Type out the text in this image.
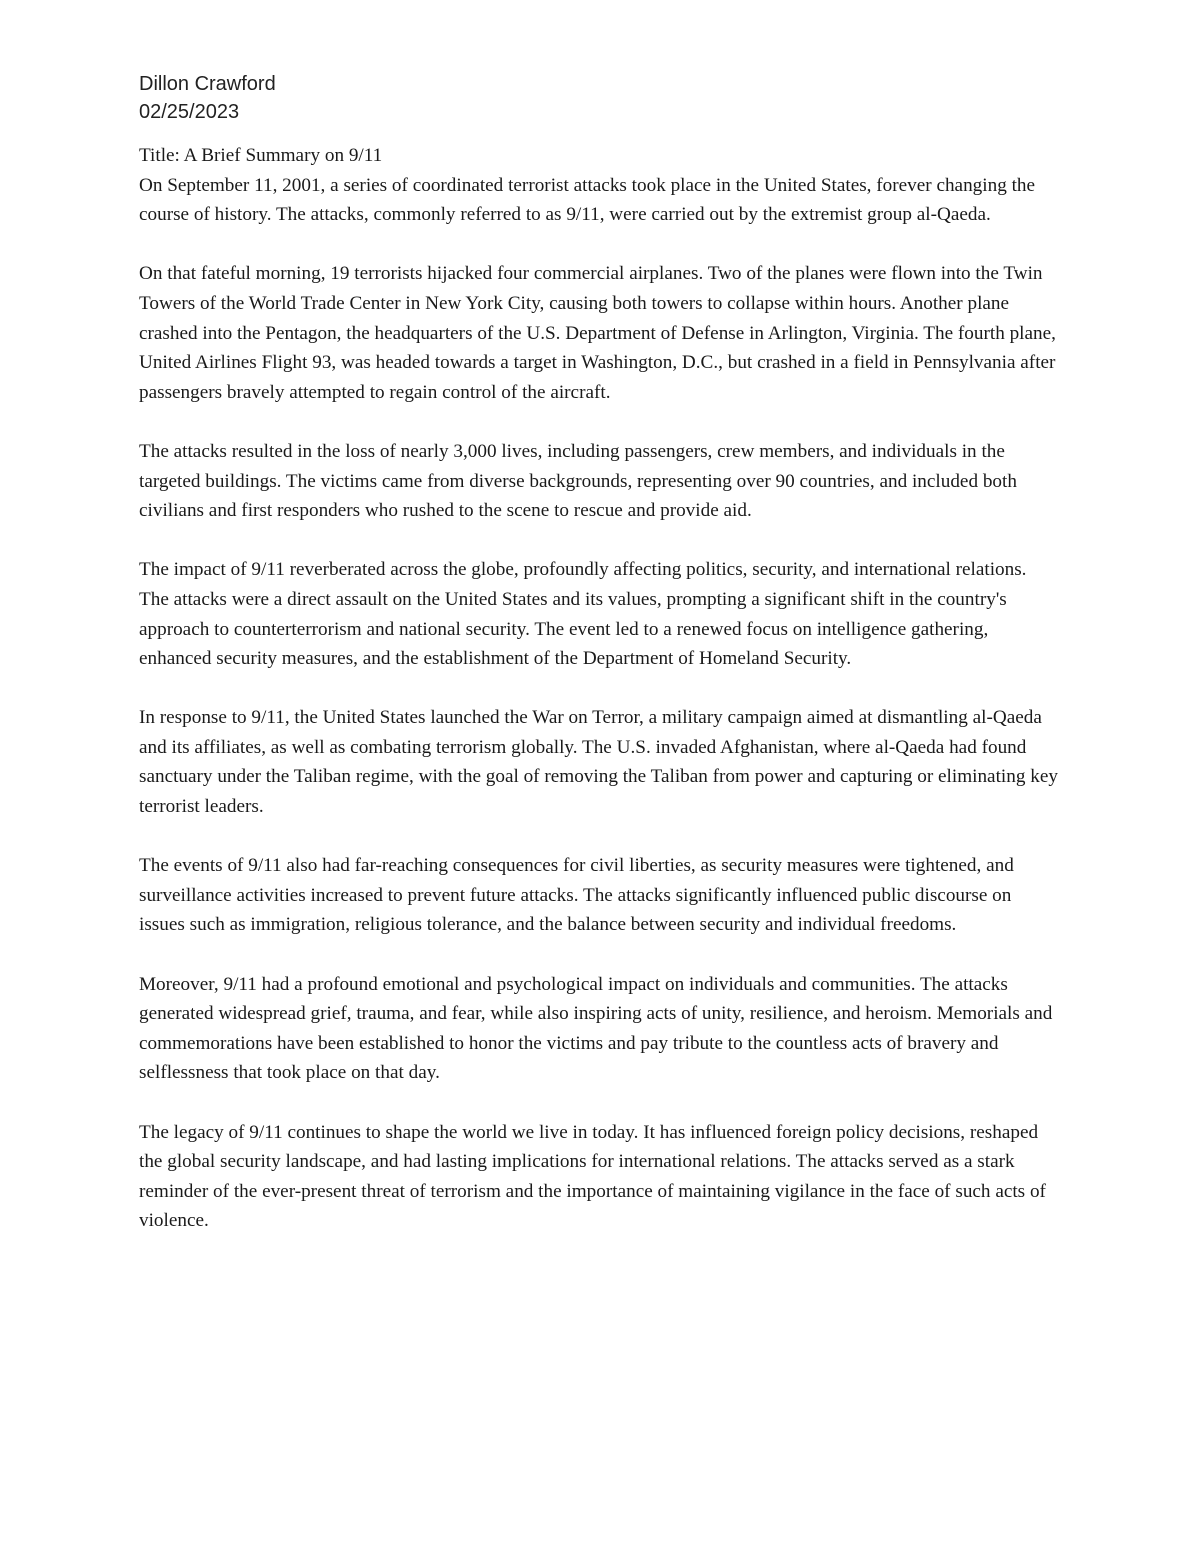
Dillon Crawford
02/25/2023

Title: A Brief Summary on 9/11

On September 11, 2001, a series of coordinated terrorist attacks took place in the United States, forever changing the course of history. The attacks, commonly referred to as 9/11, were carried out by the extremist group al-Qaeda.

On that fateful morning, 19 terrorists hijacked four commercial airplanes. Two of the planes were flown into the Twin Towers of the World Trade Center in New York City, causing both towers to collapse within hours. Another plane crashed into the Pentagon, the headquarters of the U.S. Department of Defense in Arlington, Virginia. The fourth plane, United Airlines Flight 93, was headed towards a target in Washington, D.C., but crashed in a field in Pennsylvania after passengers bravely attempted to regain control of the aircraft.

The attacks resulted in the loss of nearly 3,000 lives, including passengers, crew members, and individuals in the targeted buildings. The victims came from diverse backgrounds, representing over 90 countries, and included both civilians and first responders who rushed to the scene to rescue and provide aid.

The impact of 9/11 reverberated across the globe, profoundly affecting politics, security, and international relations. The attacks were a direct assault on the United States and its values, prompting a significant shift in the country's approach to counterterrorism and national security. The event led to a renewed focus on intelligence gathering, enhanced security measures, and the establishment of the Department of Homeland Security.

In response to 9/11, the United States launched the War on Terror, a military campaign aimed at dismantling al-Qaeda and its affiliates, as well as combating terrorism globally. The U.S. invaded Afghanistan, where al-Qaeda had found sanctuary under the Taliban regime, with the goal of removing the Taliban from power and capturing or eliminating key terrorist leaders.

The events of 9/11 also had far-reaching consequences for civil liberties, as security measures were tightened, and surveillance activities increased to prevent future attacks. The attacks significantly influenced public discourse on issues such as immigration, religious tolerance, and the balance between security and individual freedoms.

Moreover, 9/11 had a profound emotional and psychological impact on individuals and communities. The attacks generated widespread grief, trauma, and fear, while also inspiring acts of unity, resilience, and heroism. Memorials and commemorations have been established to honor the victims and pay tribute to the countless acts of bravery and selflessness that took place on that day.

The legacy of 9/11 continues to shape the world we live in today. It has influenced foreign policy decisions, reshaped the global security landscape, and had lasting implications for international relations. The attacks served as a stark reminder of the ever-present threat of terrorism and the importance of maintaining vigilance in the face of such acts of violence.
